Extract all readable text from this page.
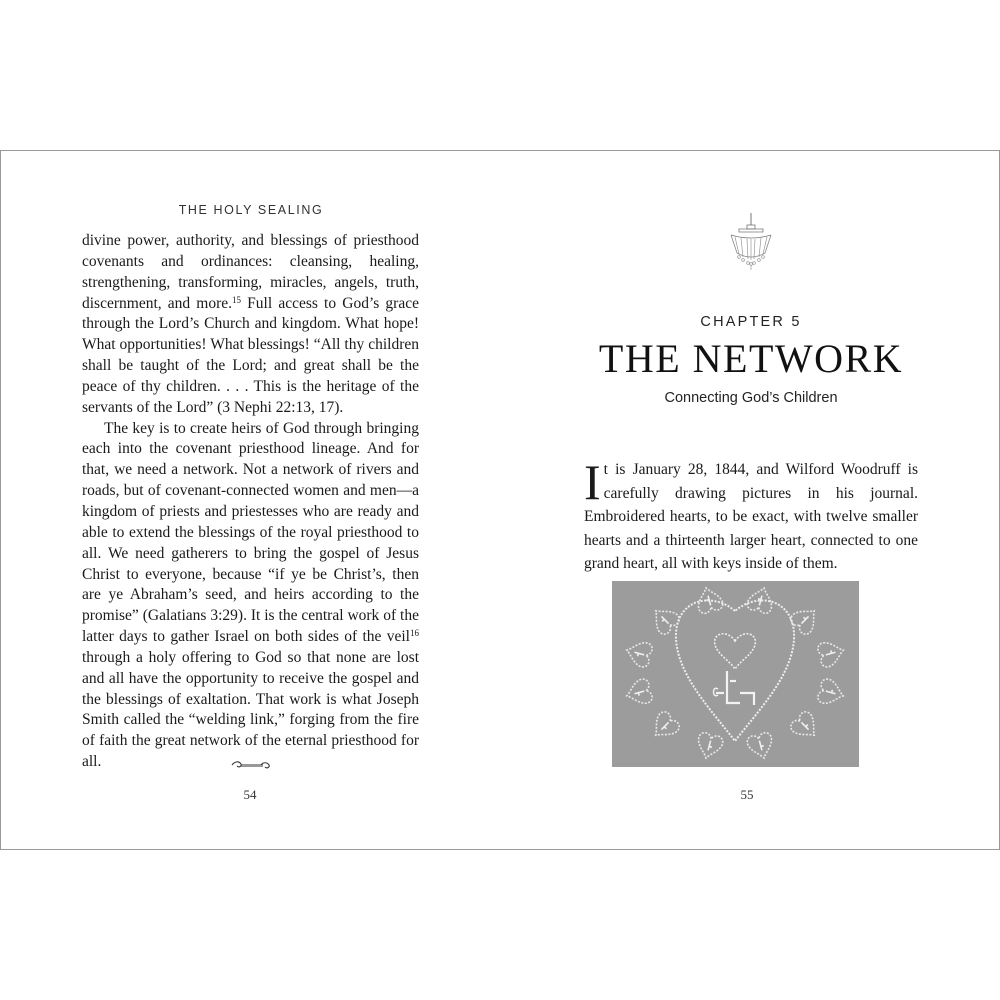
THE HOLY SEALING

divine power, authority, and blessings of priesthood covenants and ordinances: cleansing, healing, strengthening, transforming, miracles, angels, truth, discernment, and more.$^{15}$ Full access to God’s grace through the Lord’s Church and kingdom. What hope! What opportunities! What blessings! “All thy children shall be taught of the Lord; and great shall be the peace of thy children. . . . This is the heritage of the servants of the Lord” (3 Nephi 22:13, 17).

The key is to create heirs of God through bringing each into the covenant priesthood lineage. And for that, we need a network. Not a network of rivers and roads, but of covenant-connected women and men—a kingdom of priests and priestesses who are ready and able to extend the blessings of the royal priesthood to all. We need gatherers to bring the gospel of Jesus Christ to everyone, because “if ye be Christ’s, then are ye Abraham’s seed, and heirs according to the promise” (Galatians 3:29). It is the central work of the latter days to gather Israel on both sides of the veil$^{16}$ through a holy offering to God so that none are lost and all have the opportunity to receive the gospel and the blessings of exaltation. That work is what Joseph Smith called the “welding link,” forging from the fire of faith the great network of the eternal priesthood for all.

54
CHAPTER 5
THE NETWORK
Connecting God’s Children

It is January 28, 1844, and Wilford Woodruff is carefully drawing pictures in his journal. Embroidered hearts, to be exact, with twelve smaller hearts and a thirteenth larger heart, connected to one grand heart, all with keys inside of them.

55
